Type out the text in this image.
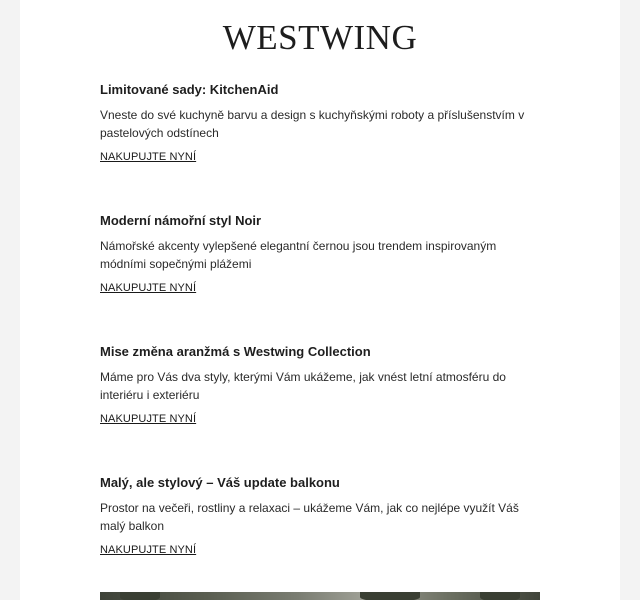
WESTWING
Limitované sady: KitchenAid

Vneste do své kuchyně barvu a design s kuchyňskými roboty a příslušenstvím v pastelových odstínech

NAKUPUJTE NYNÍ
Moderní námořní styl Noir

Námořské akcenty vylepšené elegantní černou jsou trendem inspirovaným módními sopečnými plážemi

NAKUPUJTE NYNÍ
Mise změna aranžmá s Westwing Collection

Máme pro Vás dva styly, kterými Vám ukážeme, jak vnést letní atmosféru do interiéru i exteriéru

NAKUPUJTE NYNÍ
Malý, ale stylový – Váš update balkonu

Prostor na večeři, rostliny a relaxaci – ukážeme Vám, jak co nejlépe využít Váš malý balkon

NAKUPUJTE NYNÍ
